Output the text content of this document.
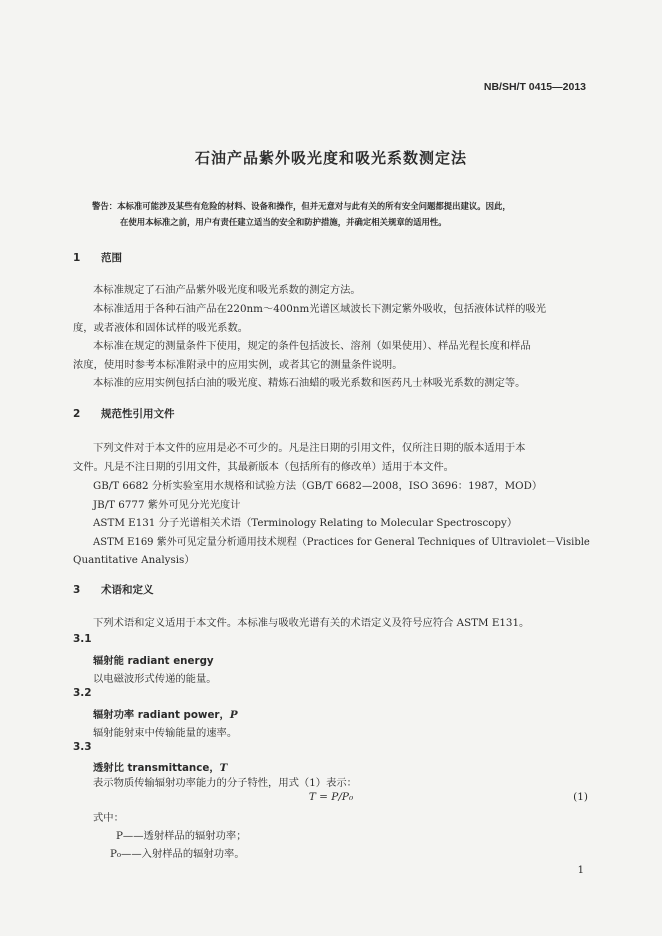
NB/SH/T 0415—2013
石油产品紫外吸光度和吸光系数测定法
警告：本标准可能涉及某些有危险的材料、设备和操作，但并无意对与此有关的所有安全问题都提出建议。因此，
在使用本标准之前，用户有责任建立适当的安全和防护措施，并确定相关规章的适用性。
1 范围
本标准规定了石油产品紫外吸光度和吸光系数的测定方法。
本标准适用于各种石油产品在220nm～400nm光谱区域波长下测定紫外吸收，包括液体试样的吸光
度，或者液体和固体试样的吸光系数。
本标准在规定的测量条件下使用，规定的条件包括波长、溶剂（如果使用）、样品光程长度和样品
浓度，使用时参考本标准附录中的应用实例，或者其它的测量条件说明。
本标准的应用实例包括白油的吸光度、精炼石油蜡的吸光系数和医药凡士林吸光系数的测定等。
2 规范性引用文件
下列文件对于本文件的应用是必不可少的。凡是注日期的引用文件，仅所注日期的版本适用于本
文件。凡是不注日期的引用文件，其最新版本（包括所有的修改单）适用于本文件。
GB/T 6682 分析实验室用水规格和试验方法（GB/T 6682—2008，ISO 3696：1987，MOD）
JB/T 6777 紫外可见分光光度计
ASTM E131 分子光谱相关术语（Terminology Relating to Molecular Spectroscopy）
ASTM E169 紫外可见定量分析通用技术规程（Practices for General Techniques of Ultraviolet－Visible
Quantitative Analysis）
3 术语和定义
下列术语和定义适用于本文件。本标准与吸收光谱有关的术语定义及符号应符合 ASTM E131。
3.1
辐射能 radiant energy
以电磁波形式传递的能量。
3.2
辐射功率 radiant power，P
辐射能射束中传输能量的速率。
3.3
透射比 transmittance，T
表示物质传输辐射功率能力的分子特性，用式（1）表示：
T = P/P₀	(1)
式中：
P——透射样品的辐射功率；
P₀——入射样品的辐射功率。
1
